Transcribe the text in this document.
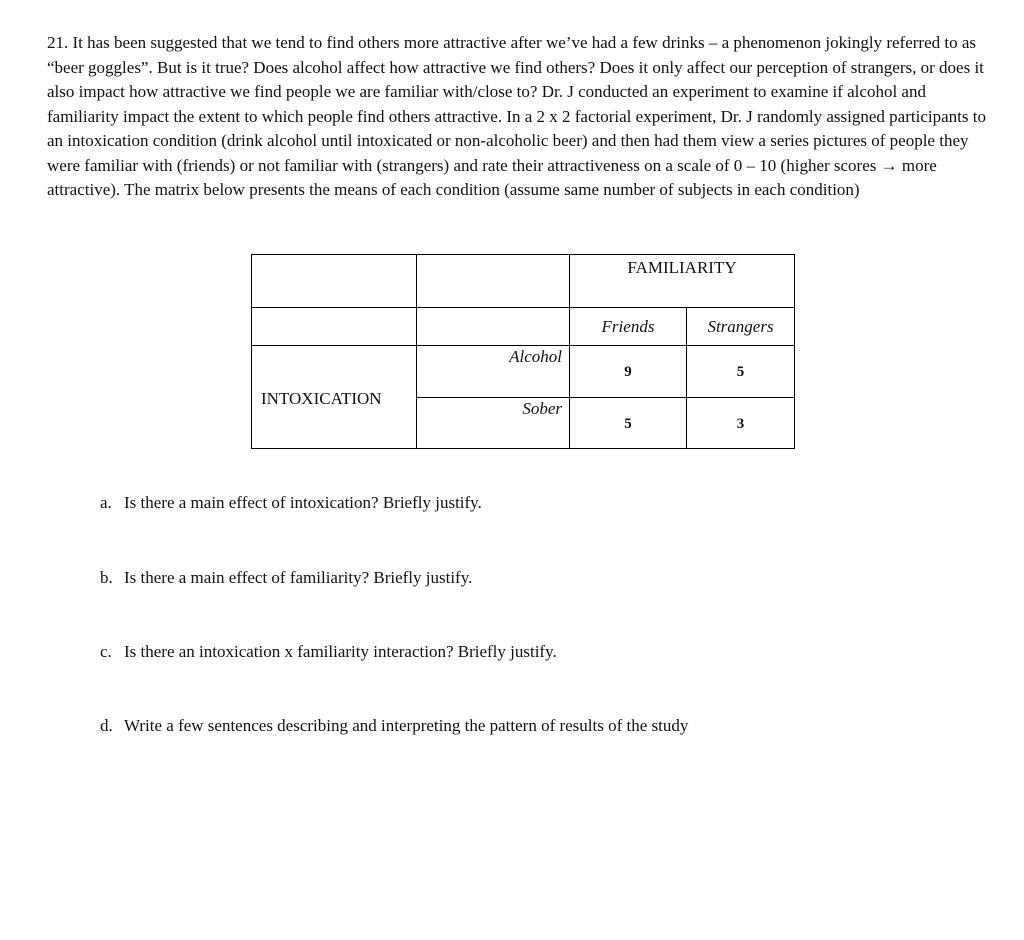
21. It has been suggested that we tend to find others more attractive after we’ve had a few drinks – a phenomenon jokingly referred to as “beer goggles”. But is it true? Does alcohol affect how attractive we find others? Does it only affect our perception of strangers, or does it also impact how attractive we find people we are familiar with/close to? Dr. J conducted an experiment to examine if alcohol and familiarity impact the extent to which people find others attractive. In a 2 x 2 factorial experiment, Dr. J randomly assigned participants to an intoxication condition (drink alcohol until intoxicated or non-alcoholic beer) and then had them view a series pictures of people they were familiar with (friends) or not familiar with (strangers) and rate their attractiveness on a scale of 0 – 10 (higher scores → more attractive). The matrix below presents the means of each condition (assume same number of subjects in each condition)

		FAMILIARITY	
		Friends	Strangers
INTOXICATION	Alcohol	9	5
	Sober	5	3

a. Is there a main effect of intoxication? Briefly justify.

b. Is there a main effect of familiarity? Briefly justify.

c. Is there an intoxication x familiarity interaction? Briefly justify.

d. Write a few sentences describing and interpreting the pattern of results of the study
